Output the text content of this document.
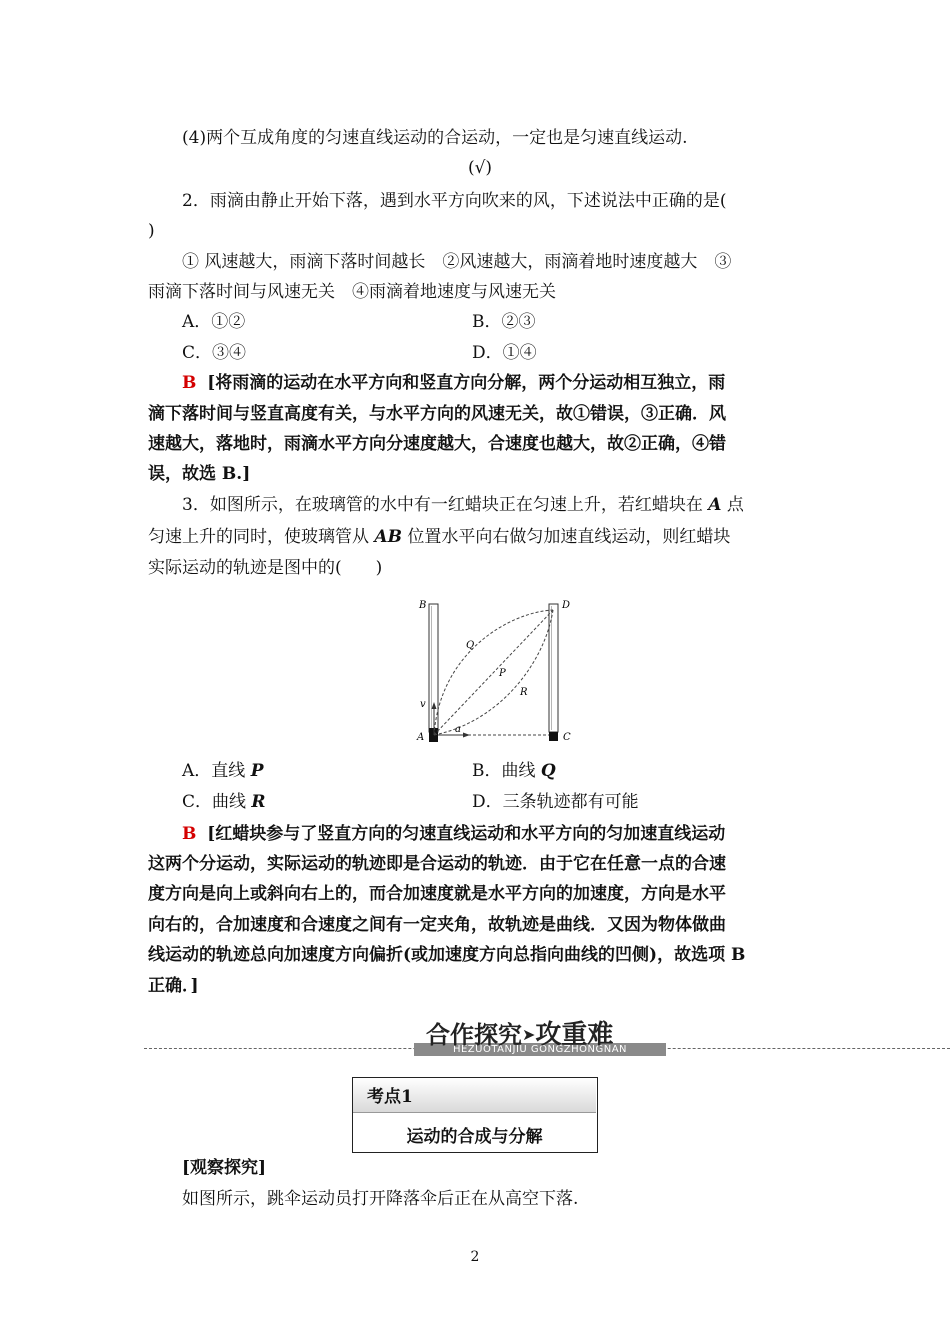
(4)两个互成角度的匀速直线运动的合运动，一定也是匀速直线运动.
(√)
2．雨滴由静止开始下落，遇到水平方向吹来的风，下述说法中正确的是(
)
① 风速越大，雨滴下落时间越长　②风速越大，雨滴着地时速度越大　③
雨滴下落时间与风速无关　④雨滴着地速度与风速无关
A．①②	B．②③
C．③④	D．①④
B [将雨滴的运动在水平方向和竖直方向分解，两个分运动相互独立，雨
滴下落时间与竖直高度有关，与水平方向的风速无关，故①错误，③正确．风
速越大，落地时，雨滴水平方向分速度越大，合速度也越大，故②正确，④错
误，故选 B.]
3．如图所示，在玻璃管的水中有一红蜡块正在匀速上升，若红蜡块在 A 点
匀速上升的同时，使玻璃管从 AB 位置水平向右做匀加速直线运动，则红蜡块
实际运动的轨迹是图中的(　　)
B	D
Q
P
R
v
A
a
C
A．直线 P	B．曲线 Q
C．曲线 R	D．三条轨迹都有可能
B [红蜡块参与了竖直方向的匀速直线运动和水平方向的匀加速直线运动
这两个分运动，实际运动的轨迹即是合运动的轨迹．由于它在任意一点的合速
度方向是向上或斜向右上的，而合加速度就是水平方向的加速度，方向是水平
向右的，合加速度和合速度之间有一定夹角，故轨迹是曲线．又因为物体做曲
线运动的轨迹总向加速度方向偏折(或加速度方向总指向曲线的凹侧)，故选项 B
正确．]
HEZUOTANJIU GONGZHONGNAN
合作探究➤攻重难
考点1
运动的合成与分解
[观察探究]
如图所示，跳伞运动员打开降落伞后正在从高空下落.
2
